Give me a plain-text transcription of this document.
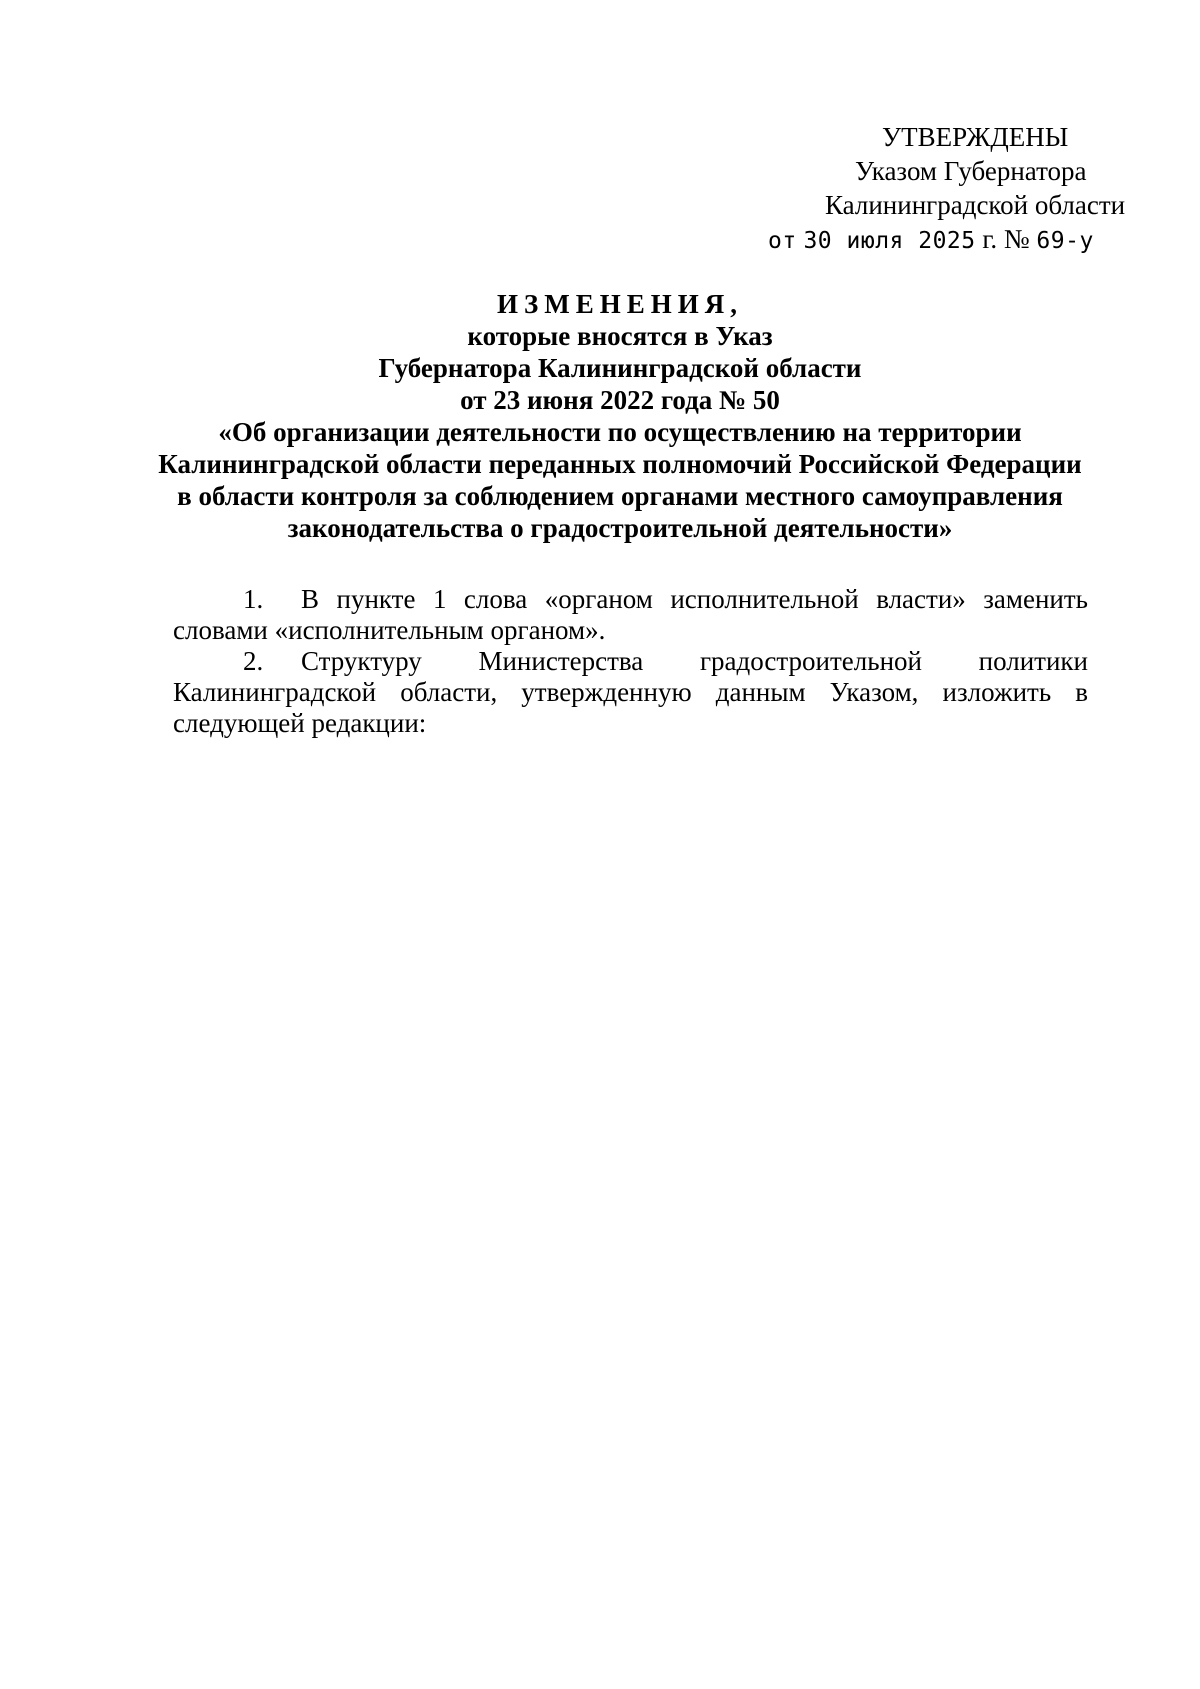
УТВЕРЖДЕНЫ
Указом Губернатора
Калининградской области
от 30 июля 2025 г. № 69-у
ИЗМЕНЕНИЯ,
которые вносятся в Указ
Губернатора Калининградской области
от 23 июня 2022 года № 50
«Об организации деятельности по осуществлению на территории
Калининградской области переданных полномочий Российской Федерации
в области контроля за соблюдением органами местного самоуправления
законодательства о градостроительной деятельности»

1. В пункте 1 слова «органом исполнительной власти» заменить словами «исполнительным органом».

2. Структуру Министерства градостроительной политики Калининградской области, утвержденную данным Указом, изложить в следующей редакции:
